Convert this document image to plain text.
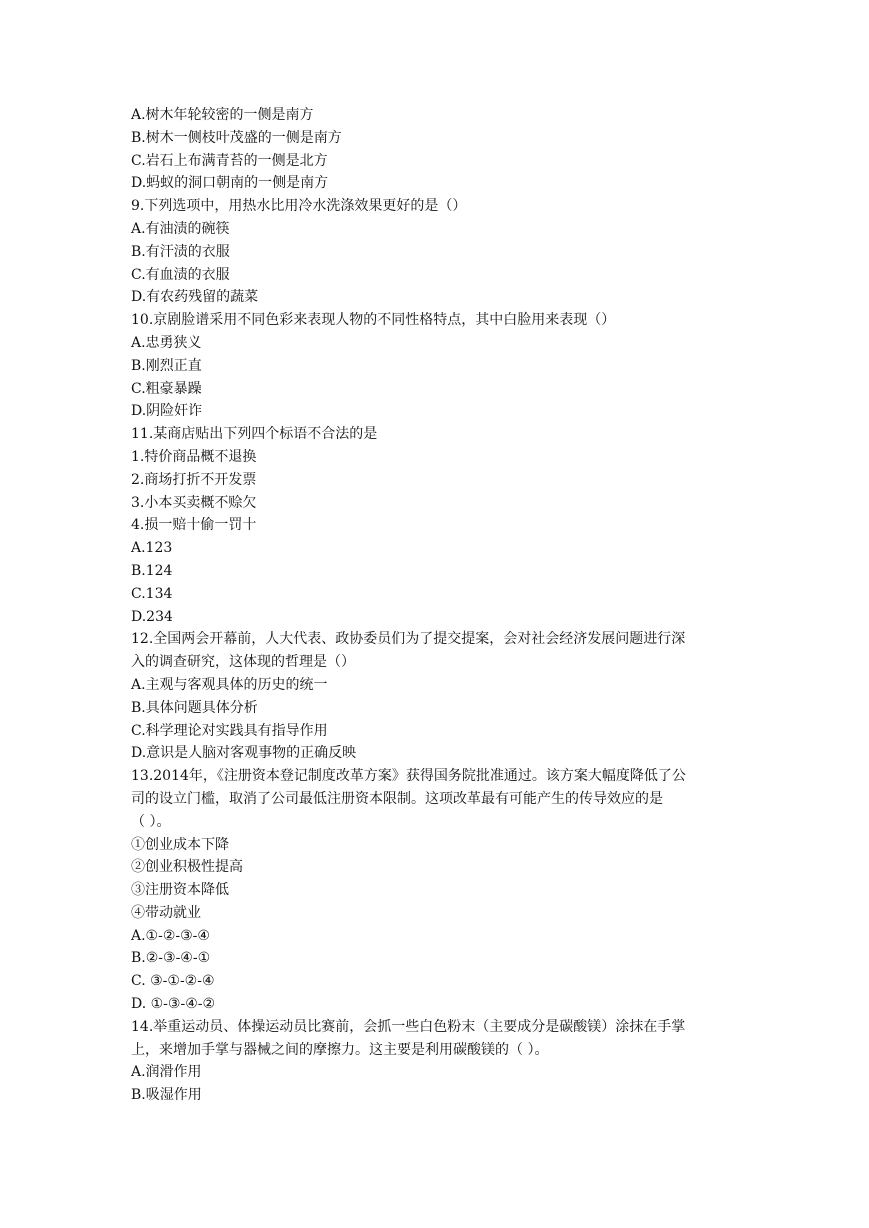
A.树木年轮较密的一侧是南方
B.树木一侧枝叶茂盛的一侧是南方
C.岩石上布满青苔的一侧是北方
D.蚂蚁的洞口朝南的一侧是南方
9.下列选项中，用热水比用冷水洗涤效果更好的是（）
A.有油渍的碗筷
B.有汗渍的衣服
C.有血渍的衣服
D.有农药残留的蔬菜
10.京剧脸谱采用不同色彩来表现人物的不同性格特点，其中白脸用来表现（）
A.忠勇狭义
B.刚烈正直
C.粗豪暴躁
D.阴险奸诈
11.某商店贴出下列四个标语不合法的是
1.特价商品概不退换
2.商场打折不开发票
3.小本买卖概不赊欠
4.损一赔十偷一罚十
A.123
B.124
C.134
D.234
12.全国两会开幕前，人大代表、政协委员们为了提交提案，会对社会经济发展问题进行深
入的调查研究，这体现的哲理是（）
A.主观与客观具体的历史的统一
B.具体问题具体分析
C.科学理论对实践具有指导作用
D.意识是人脑对客观事物的正确反映
13.2014年，《注册资本登记制度改革方案》获得国务院批准通过。该方案大幅度降低了公
司的设立门槛，取消了公司最低注册资本限制。这项改革最有可能产生的传导效应的是
（ ）。
①创业成本下降
②创业积极性提高
③注册资本降低
④带动就业
A.①-②-③-④
B.②-③-④-①
C. ③-①-②-④
D. ①-③-④-②
14.举重运动员、体操运动员比赛前，会抓一些白色粉末（主要成分是碳酸镁）涂抹在手掌
上，来增加手掌与器械之间的摩擦力。这主要是利用碳酸镁的（ ）。
A.润滑作用
B.吸湿作用
